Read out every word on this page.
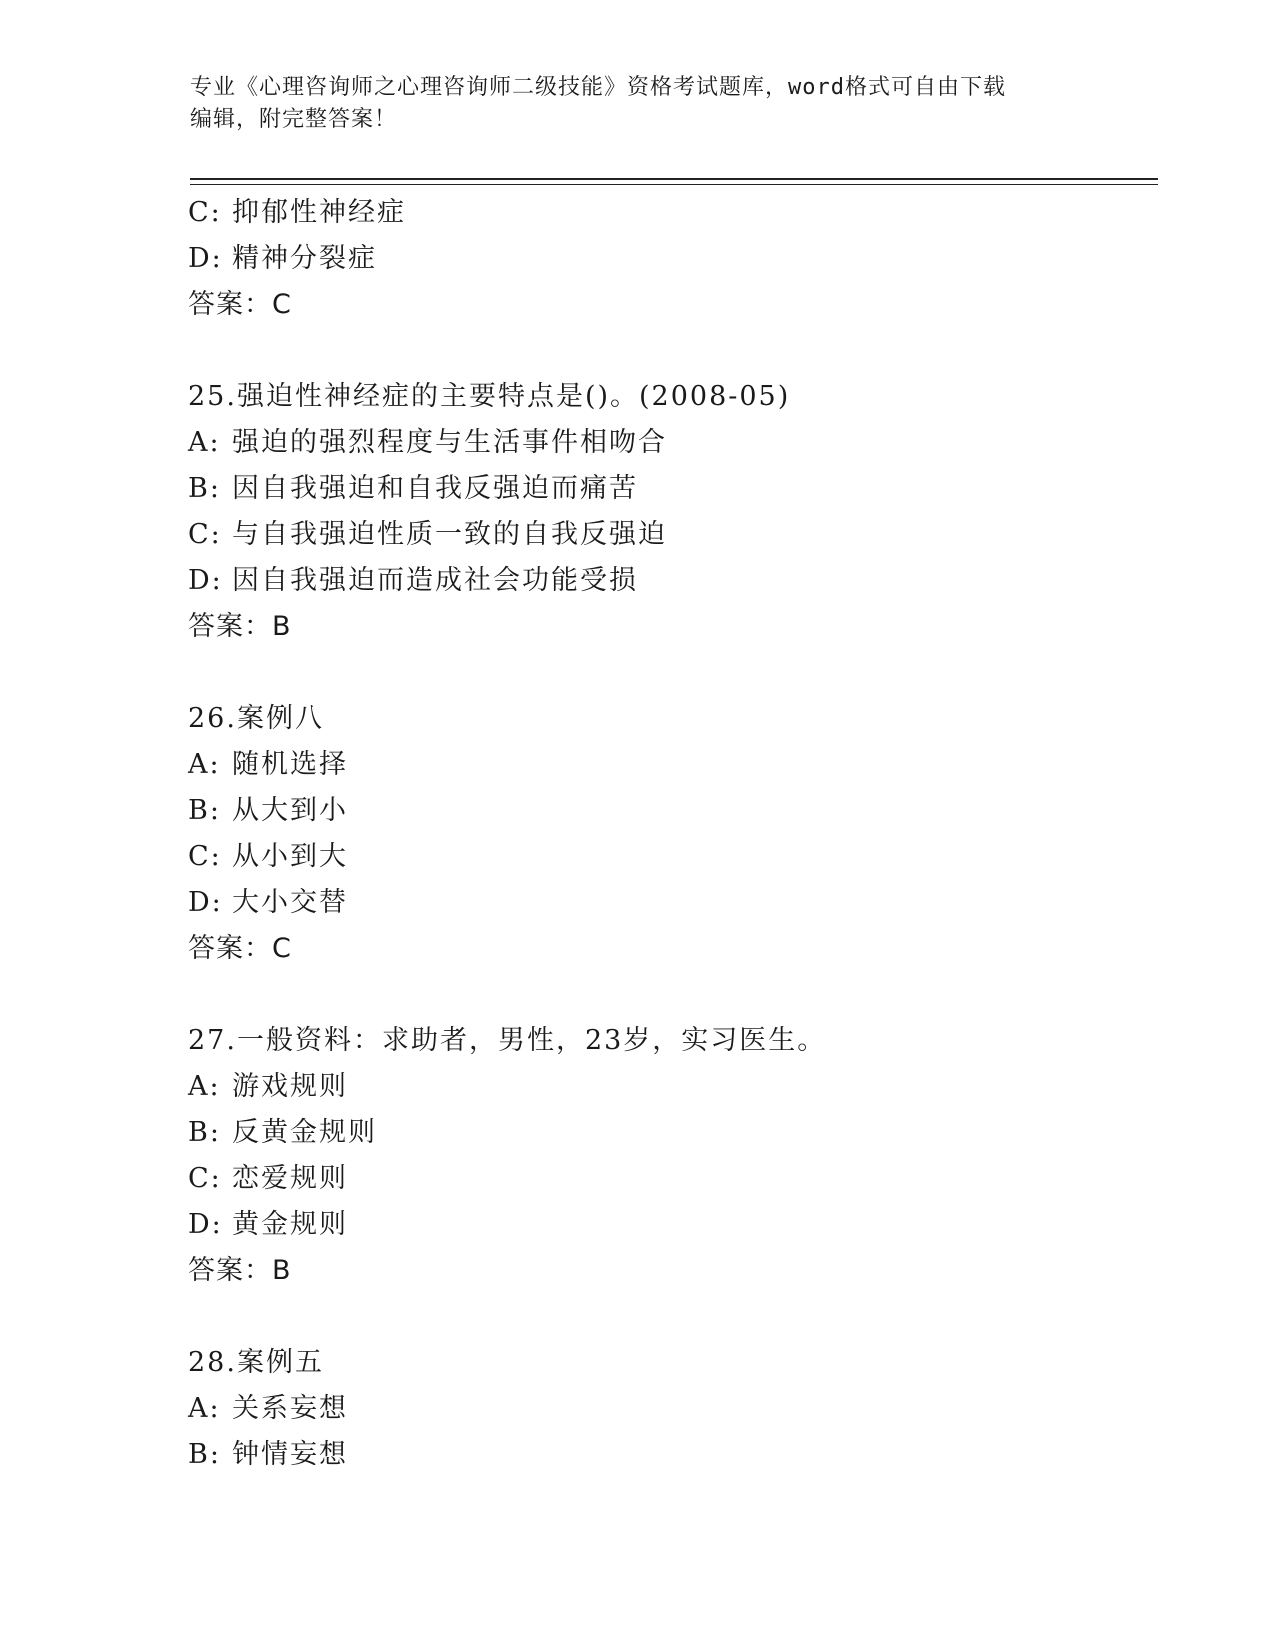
专业《心理咨询师之心理咨询师二级技能》资格考试题库，word格式可自由下载
编辑，附完整答案！
C: 抑郁性神经症
D: 精神分裂症
答案：C
25.强迫性神经症的主要特点是()。(2008-05)
A: 强迫的强烈程度与生活事件相吻合
B: 因自我强迫和自我反强迫而痛苦
C: 与自我强迫性质一致的自我反强迫
D: 因自我强迫而造成社会功能受损
答案：B
26.案例八
A: 随机选择
B: 从大到小
C: 从小到大
D: 大小交替
答案：C
27.一般资料：求助者，男性，23岁，实习医生。
A: 游戏规则
B: 反黄金规则
C: 恋爱规则
D: 黄金规则
答案：B
28.案例五
A: 关系妄想
B: 钟情妄想
